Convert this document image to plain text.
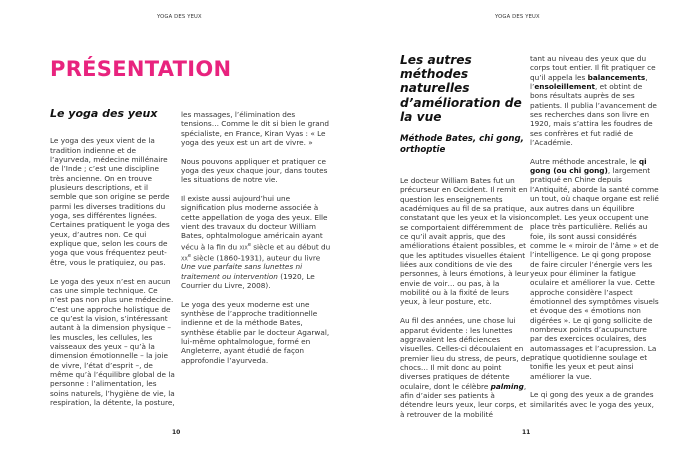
YOGA DES YEUX
PRÉSENTATION

Le yoga des yeux

Le yoga des yeux vient de la tradition indienne et de l’ayurveda, médecine millénaire de l’Inde ; c’est une discipline très ancienne. On en trouve plusieurs descriptions, et il semble que son origine se perde parmi les diverses traditions du yoga, ses différentes lignées. Certaines pratiquent le yoga des yeux, d’autres non. Ce qui explique que, selon les cours de yoga que vous fréquentez peut-être, vous le pratiquiez, ou pas.

Le yoga des yeux n’est en aucun cas une simple technique. Ce n’est pas non plus une médecine. C’est une approche holistique de ce qu’est la vision, s’intéressant autant à la dimension physique – les muscles, les cellules, les vaisseaux des yeux – qu’à la dimension émotionnelle – la joie de vivre, l’état d’esprit –, de même qu’à l’équilibre global de la personne : l’alimentation, les soins naturels, l’hygiène de vie, la respiration, la détente, la posture,

les massages, l’élimination des tensions… Comme le dit si bien le grand spécialiste, en France, Kiran Vyas : « Le yoga des yeux est un art de vivre. »

Nous pouvons appliquer et pratiquer ce yoga des yeux chaque jour, dans toutes les situations de notre vie.

Il existe aussi aujourd’hui une signification plus moderne associée à cette appellation de yoga des yeux. Elle vient des travaux du docteur William Bates, ophtalmologue américain ayant vécu à la fin du xix$^e$ siècle et au début du $xx^e$ siècle (1860-1931), auteur du livre Une vue parfaite sans lunettes ni traitement ou intervention (1920, Le Courrier du Livre, 2008).

Le yoga des yeux moderne est une synthèse de l’approche traditionnelle indienne et de la méthode Bates, synthèse établie par le docteur Agarwal, lui-même ophtalmologue, formé en Angleterre, ayant étudié de façon approfondie l’ayurveda.

10
YOGA DES YEUX

Les autres méthodes naturelles d’amélioration de la vue

Méthode Bates, chi gong, orthoptie

Le docteur William Bates fut un précurseur en Occident. Il remit en question les enseignements académiques au fil de sa pratique, constatant que les yeux et la vision se comportaient différemment de ce qu’il avait appris, que des améliorations étaient possibles, et que les aptitudes visuelles étaient liées aux conditions de vie des personnes, à leurs émotions, à leur envie de voir… ou pas, à la mobilité ou à la fixité de leurs yeux, à leur posture, etc.

Au fil des années, une chose lui apparut évidente : les lunettes aggravaient les déficiences visuelles. Celles-ci découlaient en premier lieu du stress, de peurs, de chocs… Il mit donc au point diverses pratiques de détente oculaire, dont le célèbre palming, afin d’aider ses patients à détendre leurs yeux, leur corps, et à retrouver de la mobilité

tant au niveau des yeux que du corps tout entier. Il fit pratiquer ce qu’il appela les balancements, l’ensoleillement, et obtint de bons résultats auprès de ses patients. Il publia l’avancement de ses recherches dans son livre en 1920, mais s’attira les foudres de ses confrères et fut radié de l’Académie.

Autre méthode ancestrale, le qi gong (ou chi gong), largement pratiqué en Chine depuis l’Antiquité, aborde la santé comme un tout, où chaque organe est relié aux autres dans un équilibre complet. Les yeux occupent une place très particulière. Reliés au foie, ils sont aussi considérés comme le « miroir de l’âme » et de l’intelligence. Le qi gong propose de faire circuler l’énergie vers les yeux pour éliminer la fatigue oculaire et améliorer la vue. Cette approche considère l’aspect émotionnel des symptômes visuels et évoque des « émotions non digérées ». Le qi gong sollicite de nombreux points d’acupuncture par des exercices oculaires, des automassages et l’acupression. La pratique quotidienne soulage et tonifie les yeux et peut ainsi améliorer la vue.

Le qi gong des yeux a de grandes similarités avec le yoga des yeux,

11
